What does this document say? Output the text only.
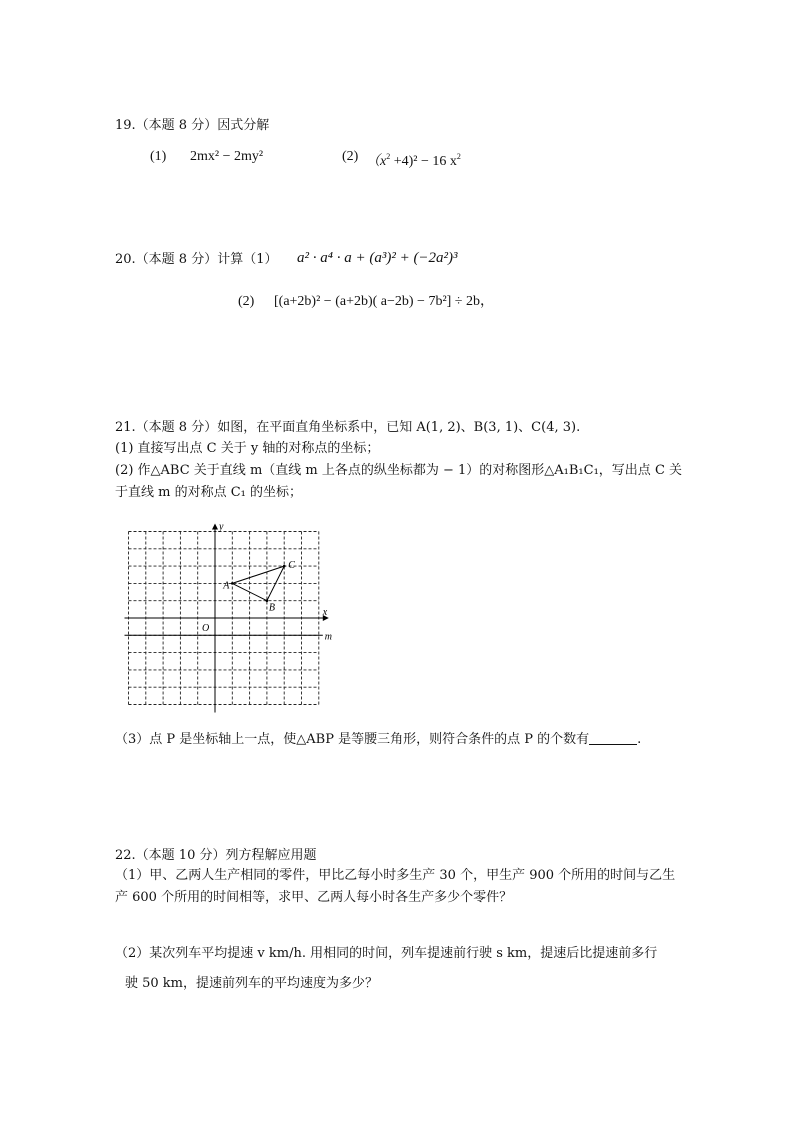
19.（本题 8 分）因式分解
(1) 2mx² − 2my²	(2) $(x^2 +4)^2 - 16$ $x^2$
20.（本题 8 分）计算（1） a² · a⁴ · a + (a³)² + (−2a²)³
(2) [(a+2b)² − (a+2b)( a−2b) − 7b²] ÷ 2b，
21.（本题 8 分）如图，在平面直角坐标系中，已知 A(1, 2)、B(3, 1)、C(4, 3).
(1) 直接写出点 C 关于 y 轴的对称点的坐标；
(2) 作△ABC 关于直线 m（直线 m 上各点的纵坐标都为 − 1）的对称图形△A₁B₁C₁，写出点 C 关
于直线 m 的对称点 C₁ 的坐标；
x
y
O
m
A
B
C
（3）点 P 是坐标轴上一点，使△ABP 是等腰三角形，则符合条件的点 P 的个数有	.
22.（本题 10 分）列方程解应用题
（1）甲、乙两人生产相同的零件，甲比乙每小时多生产 30 个，甲生产 900 个所用的时间与乙生
产 600 个所用的时间相等，求甲、乙两人每小时各生产多少个零件？
（2）某次列车平均提速 v km/h. 用相同的时间，列车提速前行驶 s km，提速后比提速前多行
驶 50 km，提速前列车的平均速度为多少？
